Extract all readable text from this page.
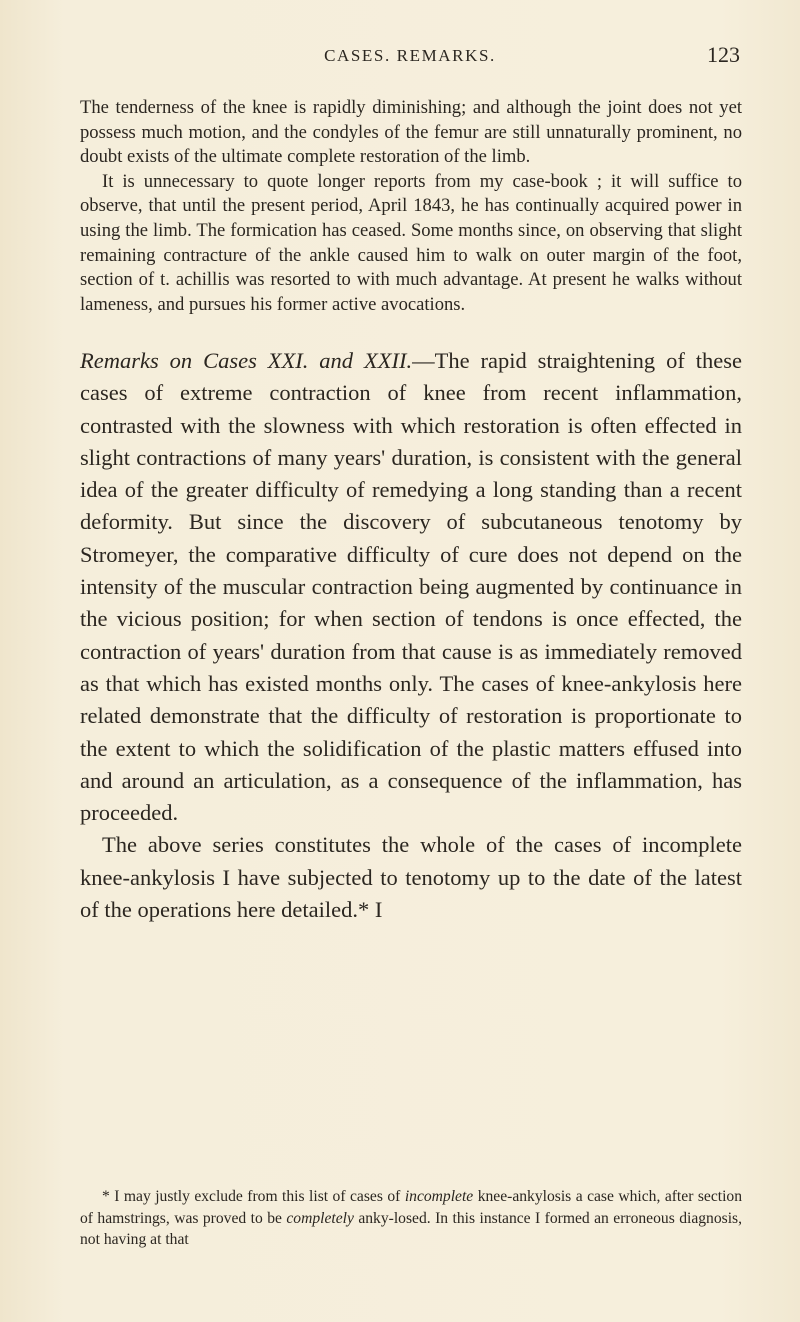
CASES. REMARKS.	123

The tenderness of the knee is rapidly diminishing; and although the joint does not yet possess much motion, and the condyles of the femur are still unnaturally prominent, no doubt exists of the ultimate complete restoration of the limb.

It is unnecessary to quote longer reports from my case-book ; it will suffice to observe, that until the present period, April 1843, he has continually acquired power in using the limb. The formication has ceased. Some months since, on observing that slight remaining contracture of the ankle caused him to walk on outer margin of the foot, section of t. achillis was resorted to with much advantage. At present he walks without lameness, and pursues his former active avocations.

Remarks on Cases XXI. and XXII.—The rapid straightening of these cases of extreme contraction of knee from recent inflammation, contrasted with the slowness with which restoration is often effected in slight contractions of many years' duration, is consistent with the general idea of the greater difficulty of remedying a long standing than a recent deformity. But since the discovery of subcutaneous tenotomy by Stromeyer, the comparative difficulty of cure does not depend on the intensity of the muscular contraction being augmented by continuance in the vicious position; for when section of tendons is once effected, the contraction of years' duration from that cause is as immediately removed as that which has existed months only. The cases of knee-ankylosis here related demonstrate that the difficulty of restoration is proportionate to the extent to which the solidification of the plastic matters effused into and around an articulation, as a consequence of the inflammation, has proceeded.

The above series constitutes the whole of the cases of incomplete knee-ankylosis I have subjected to tenotomy up to the date of the latest of the operations here detailed.* I

* I may justly exclude from this list of cases of incomplete knee-ankylosis a case which, after section of hamstrings, was proved to be completely anky-losed. In this instance I formed an erroneous diagnosis, not having at that
